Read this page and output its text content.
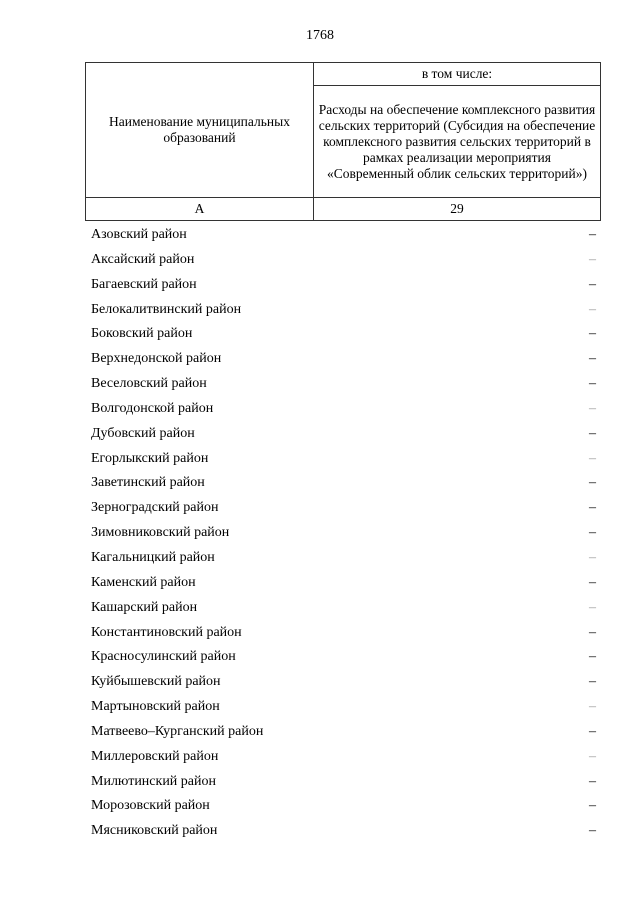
1768
Наименование муниципальных образований	в том числе:
	Расходы на обеспечение комплексного развития сельских территорий (Субсидия на обеспечение комплексного развития сельских территорий в рамках реализации мероприятия «Современный облик сельских территорий»)
А	29
Азовский район	–
Аксайский район	–
Багаевский район	–
Белокалитвинский район	–
Боковский район	–
Верхнедонской район	–
Веселовский район	–
Волгодонской район	–
Дубовский район	–
Егорлыкский район	–
Заветинский район	–
Зерноградский район	–
Зимовниковский район	–
Кагальницкий район	–
Каменский район	–
Кашарский район	–
Константиновский район	–
Красносулинский район	–
Куйбышевский район	–
Мартыновский район	–
Матвеево–Курганский район	–
Миллеровский район	–
Милютинский район	–
Морозовский район	–
Мясниковский район	–
